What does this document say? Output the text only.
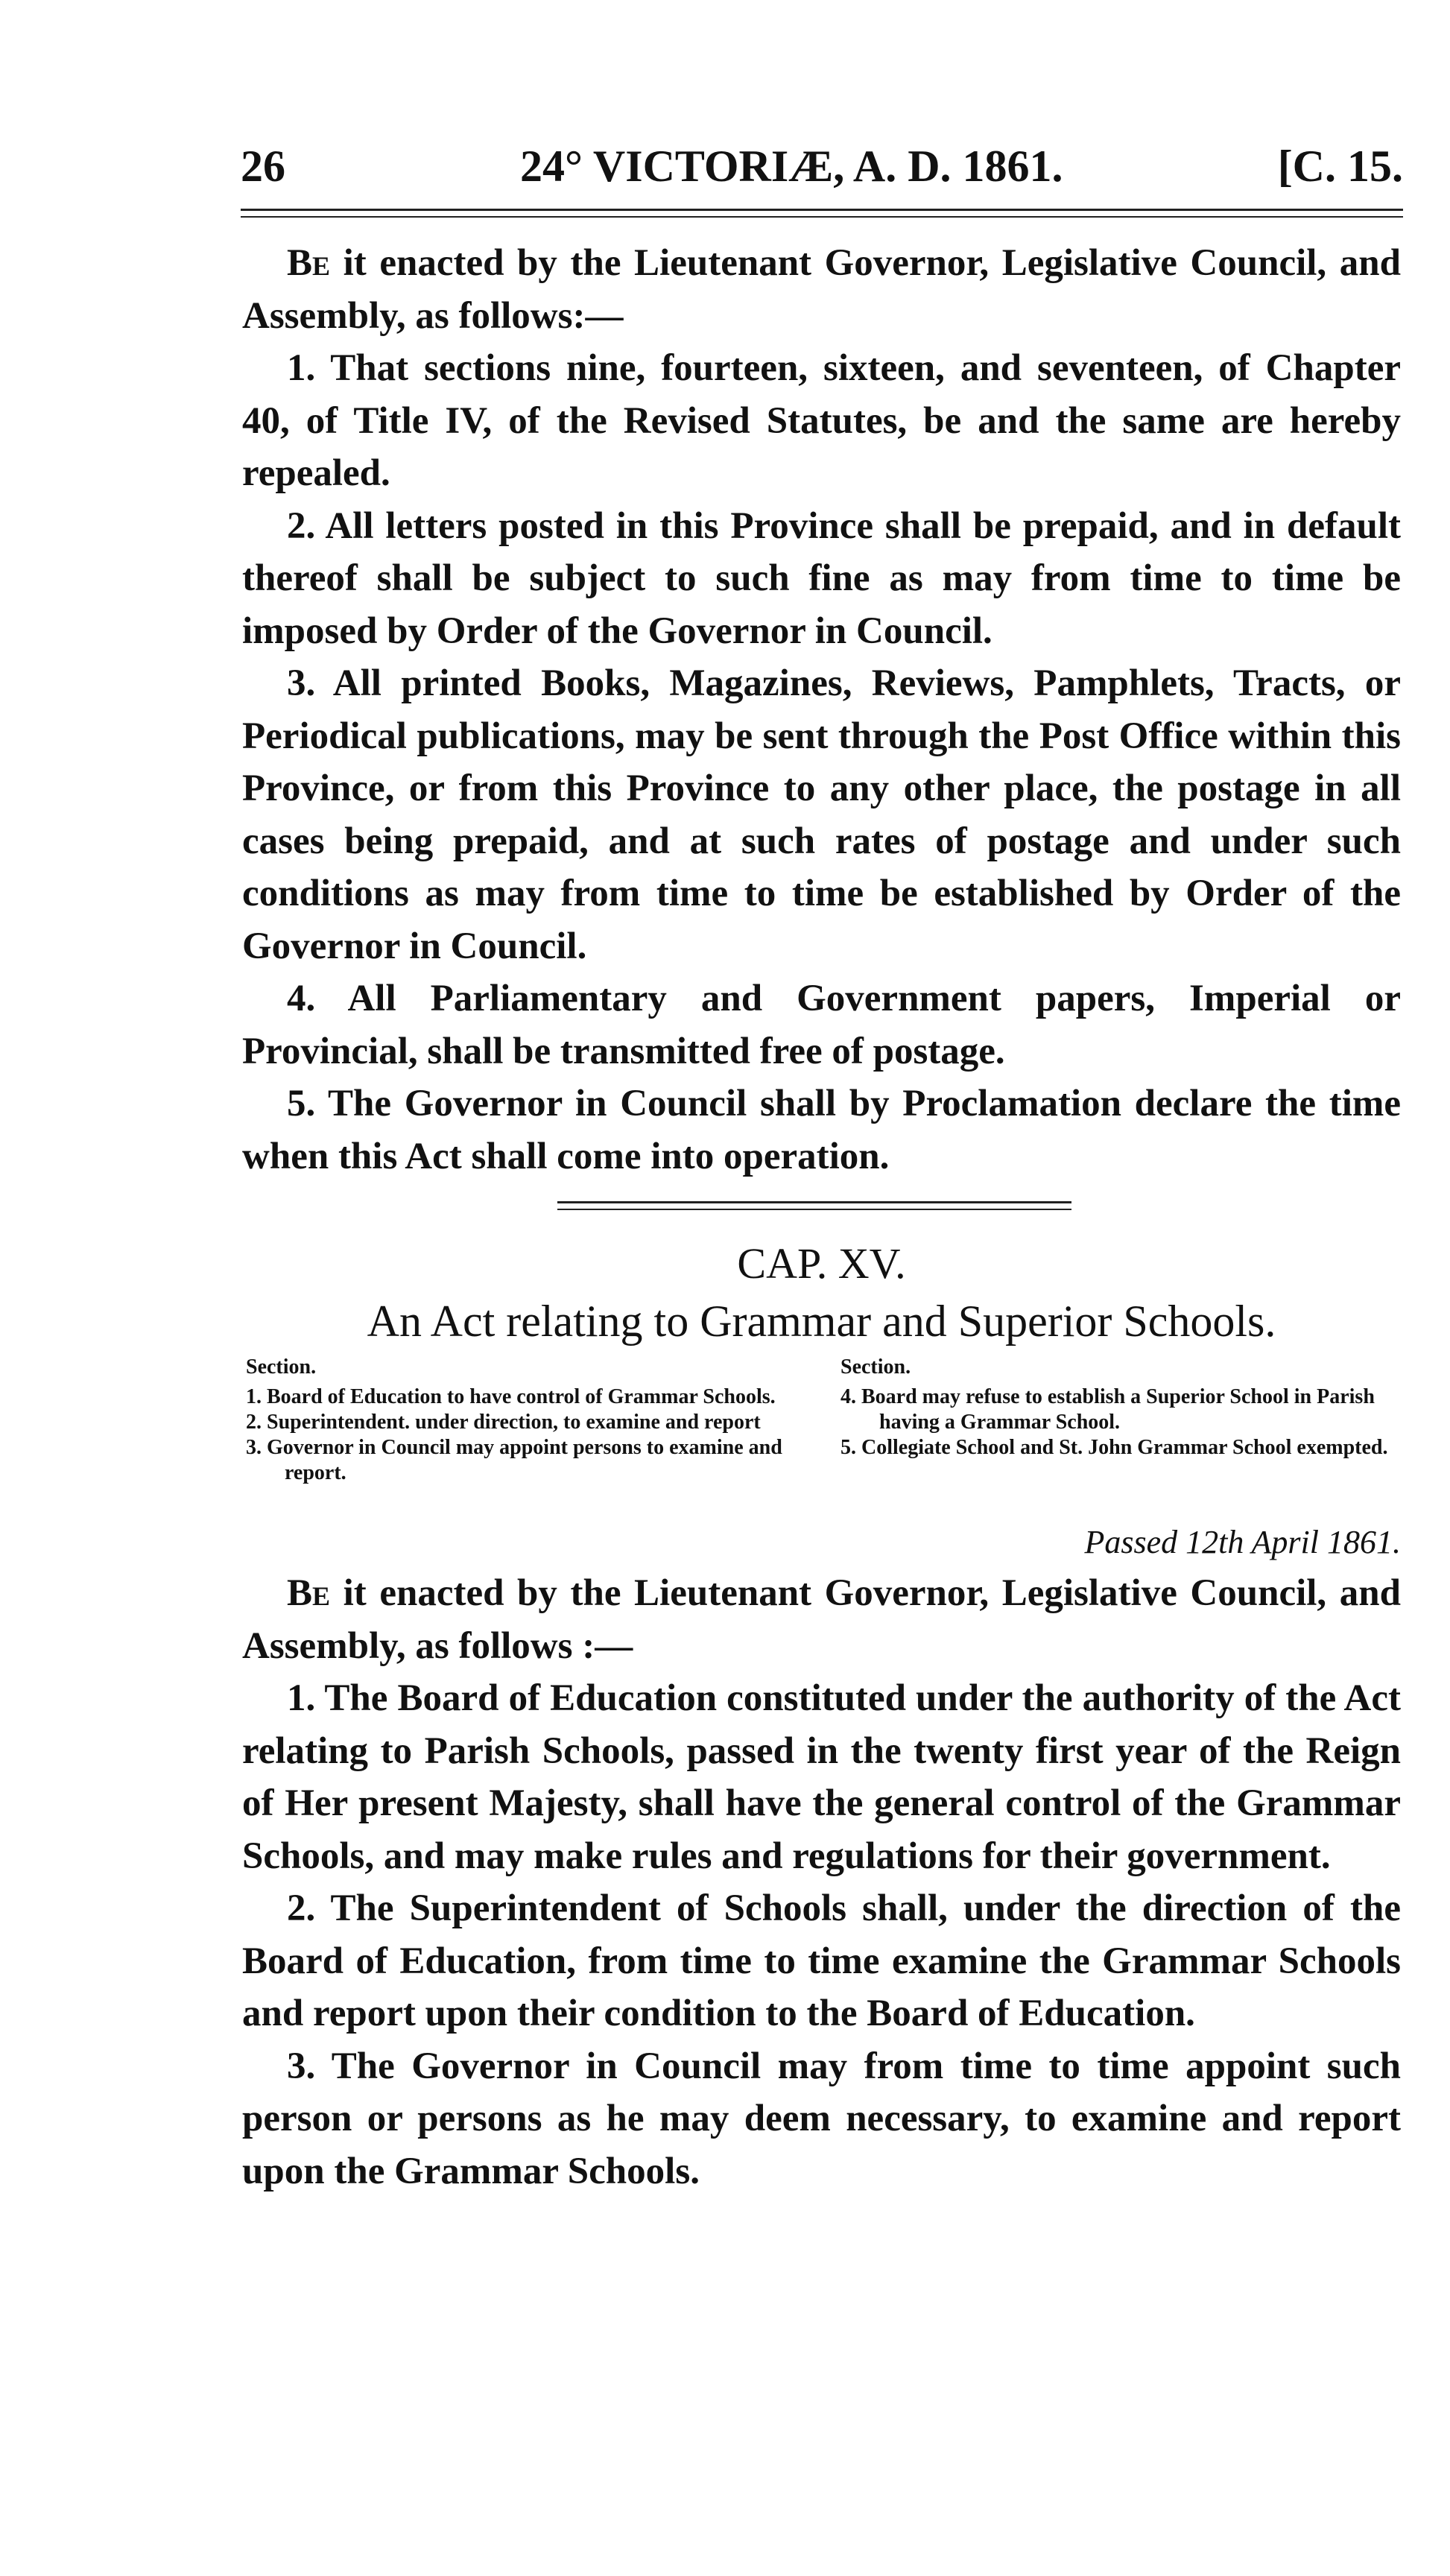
26	24° VICTORIÆ, A. D. 1861.	[C. 15.

Be it enacted by the Lieutenant Governor, Legislative Council, and Assembly, as follows:—

1. That sections nine, fourteen, sixteen, and seventeen, of Chapter 40, of Title IV, of the Revised Statutes, be and the same are hereby repealed.

2. All letters posted in this Province shall be prepaid, and in default thereof shall be subject to such fine as may from time to time be imposed by Order of the Governor in Council.

3. All printed Books, Magazines, Reviews, Pamphlets, Tracts, or Periodical publications, may be sent through the Post Office within this Province, or from this Province to any other place, the postage in all cases being prepaid, and at such rates of postage and under such conditions as may from time to time be established by Order of the Governor in Council.

4. All Parliamentary and Government papers, Imperial or Provincial, shall be transmitted free of postage.

5. The Governor in Council shall by Proclamation declare the time when this Act shall come into operation.

CAP. XV.
An Act relating to Grammar and Superior Schools.

Section.

1. Board of Education to have control of Grammar Schools.

2. Superintendent. under direction, to examine and report

3. Governor in Council may appoint persons to examine and report.

Section.

4. Board may refuse to establish a Superior School in Parish having a Grammar School.

5. Collegiate School and St. John Grammar School exempted.

Passed 12th April 1861.

Be it enacted by the Lieutenant Governor, Legislative Council, and Assembly, as follows :—

1. The Board of Education constituted under the authority of the Act relating to Parish Schools, passed in the twenty first year of the Reign of Her present Majesty, shall have the general control of the Grammar Schools, and may make rules and regulations for their government.

2. The Superintendent of Schools shall, under the direction of the Board of Education, from time to time examine the Grammar Schools and report upon their condition to the Board of Education.

3. The Governor in Council may from time to time appoint such person or persons as he may deem necessary, to examine and report upon the Grammar Schools.
